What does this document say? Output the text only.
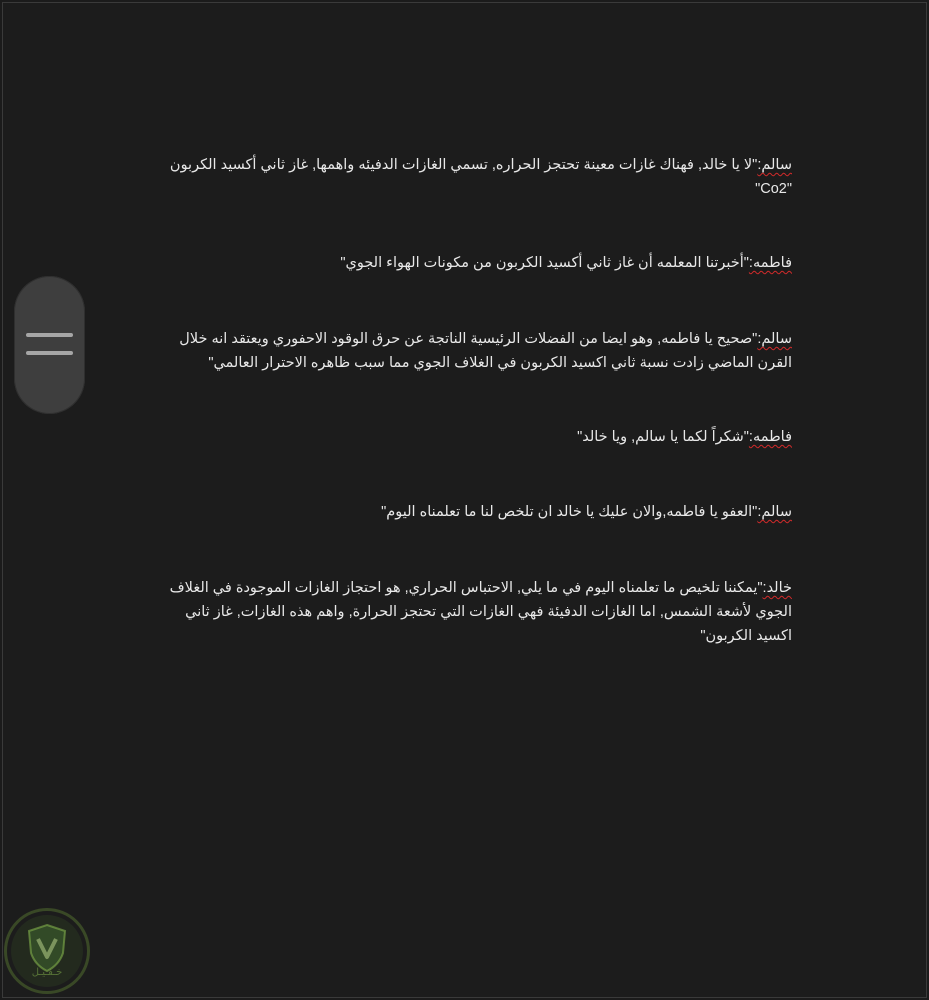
سالم:"لا يا خالد, فهناك غازات معينة تحتجز الحراره, تسمي الغازات الدفيئه واهمها, غاز ثاني أكسيد الكربون "Co2"

فاطمه:"أخبرتنا المعلمه أن غاز ثاني أكسيد الكربون من مكونات الهواء الجوي"

سالم:"صحيح يا فاطمه, وهو ايضا من الفضلات الرئيسية الناتجة عن حرق الوقود الاحفوري ويعتقد انه خلال القرن الماضي زادت نسبة ثاني اكسيد الكربون في الغلاف الجوي مما سبب ظاهره الاحترار العالمي"

فاطمه:"شكراً لكما يا سالم, ويا خالد"

سالم:"العفو يا فاطمه,والان عليك يا خالد ان تلخص لنا ما تعلمناه اليوم"

خالد:"يمكننا تلخيص ما تعلمناه اليوم في ما يلي, الاحتباس الحراري, هو احتجاز الغازات الموجودة في الغلاف الجوي لأشعة الشمس, اما الغازات الدفيئة فهي الغازات التي تحتجز الحرارة, واهم هذه الغازات, غاز ثاني اكسيد الكربون"

خـفـيـل
